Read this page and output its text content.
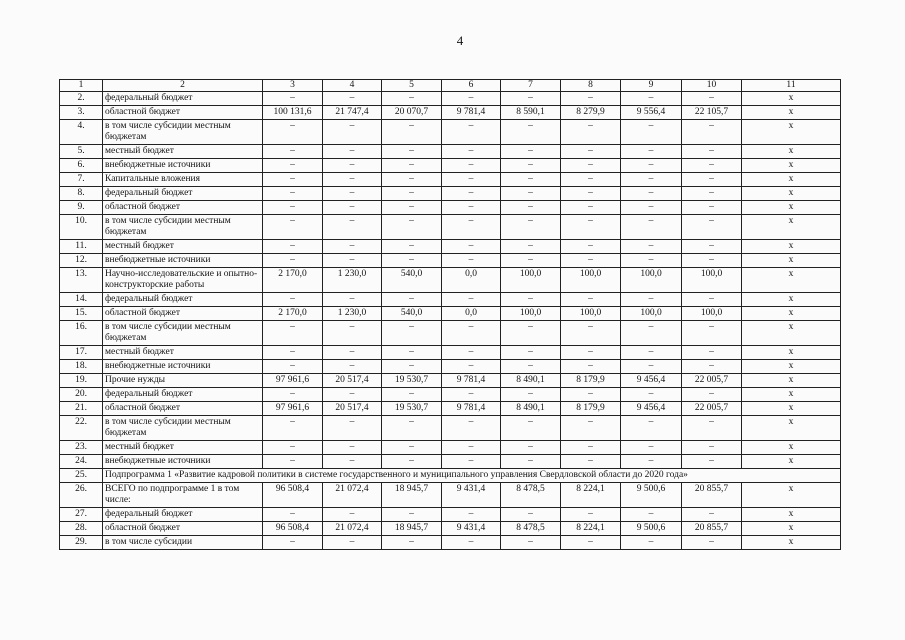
4
1	2	3	4	5	6	7	8	9	10	11
2.	федеральный бюджет	–	–	–	–	–	–	–	–	x
3.	областной бюджет	100 131,6	21 747,4	20 070,7	9 781,4	8 590,1	8 279,9	9 556,4	22 105,7	x
4.	в том числе субсидии местным бюджетам	–	–	–	–	–	–	–	–	x
5.	местный бюджет	–	–	–	–	–	–	–	–	x
6.	внебюджетные источники	–	–	–	–	–	–	–	–	x
7.	Капитальные вложения	–	–	–	–	–	–	–	–	x
8.	федеральный бюджет	–	–	–	–	–	–	–	–	x
9.	областной бюджет	–	–	–	–	–	–	–	–	x
10.	в том числе субсидии местным бюджетам	–	–	–	–	–	–	–	–	x
11.	местный бюджет	–	–	–	–	–	–	–	–	x
12.	внебюджетные источники	–	–	–	–	–	–	–	–	x
13.	Научно-исследовательские и опытно-конструкторские работы	2 170,0	1 230,0	540,0	0,0	100,0	100,0	100,0	100,0	x
14.	федеральный бюджет	–	–	–	–	–	–	–	–	x
15.	областной бюджет	2 170,0	1 230,0	540,0	0,0	100,0	100,0	100,0	100,0	x
16.	в том числе субсидии местным бюджетам	–	–	–	–	–	–	–	–	x
17.	местный бюджет	–	–	–	–	–	–	–	–	x
18.	внебюджетные источники	–	–	–	–	–	–	–	–	x
19.	Прочие нужды	97 961,6	20 517,4	19 530,7	9 781,4	8 490,1	8 179,9	9 456,4	22 005,7	x
20.	федеральный бюджет	–	–	–	–	–	–	–	–	x
21.	областной бюджет	97 961,6	20 517,4	19 530,7	9 781,4	8 490,1	8 179,9	9 456,4	22 005,7	x
22.	в том числе субсидии местным бюджетам	–	–	–	–	–	–	–	–	x
23.	местный бюджет	–	–	–	–	–	–	–	–	x
24.	внебюджетные источники	–	–	–	–	–	–	–	–	x
25.	Подпрограмма 1 «Развитие кадровой политики в системе государственного и муниципального управления Свердловской области до 2020 года»									
26.	ВСЕГО по подпрограмме 1 в том числе:	96 508,4	21 072,4	18 945,7	9 431,4	8 478,5	8 224,1	9 500,6	20 855,7	x
27.	федеральный бюджет	–	–	–	–	–	–	–	–	x
28.	областной бюджет	96 508,4	21 072,4	18 945,7	9 431,4	8 478,5	8 224,1	9 500,6	20 855,7	x
29.	в том числе субсидии	–	–	–	–	–	–	–	–	x
